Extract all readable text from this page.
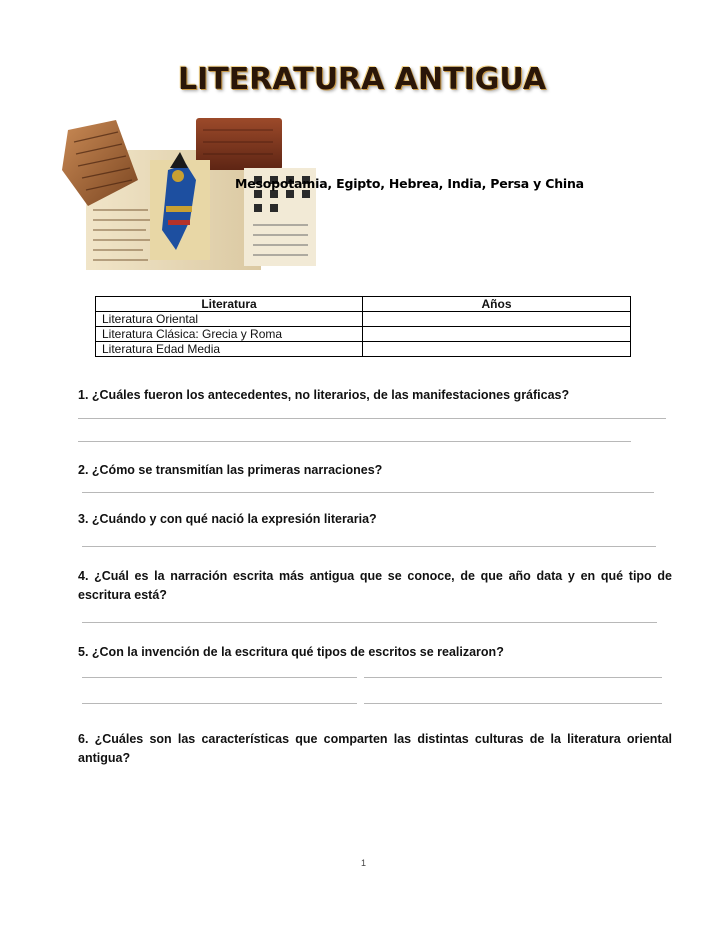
LITERATURA ANTIGUA
Mesopotamia, Egipto, Hebrea, India, Persa y China
Literatura	Años
Literatura Oriental	
Literatura Clásica: Grecia y Roma	
Literatura Edad Media	
1. ¿Cuáles fueron los antecedentes, no literarios, de las manifestaciones gráficas?
2. ¿Cómo se transmitían las primeras narraciones?
3. ¿Cuándo y con qué nació la expresión literaria?
4. ¿Cuál es la narración escrita más antigua que se conoce, de que año data y en qué tipo de escritura está?
5. ¿Con la invención de la escritura qué tipos de escritos se realizaron?
6. ¿Cuáles son las características que comparten las distintas culturas de la literatura oriental antigua?
1
